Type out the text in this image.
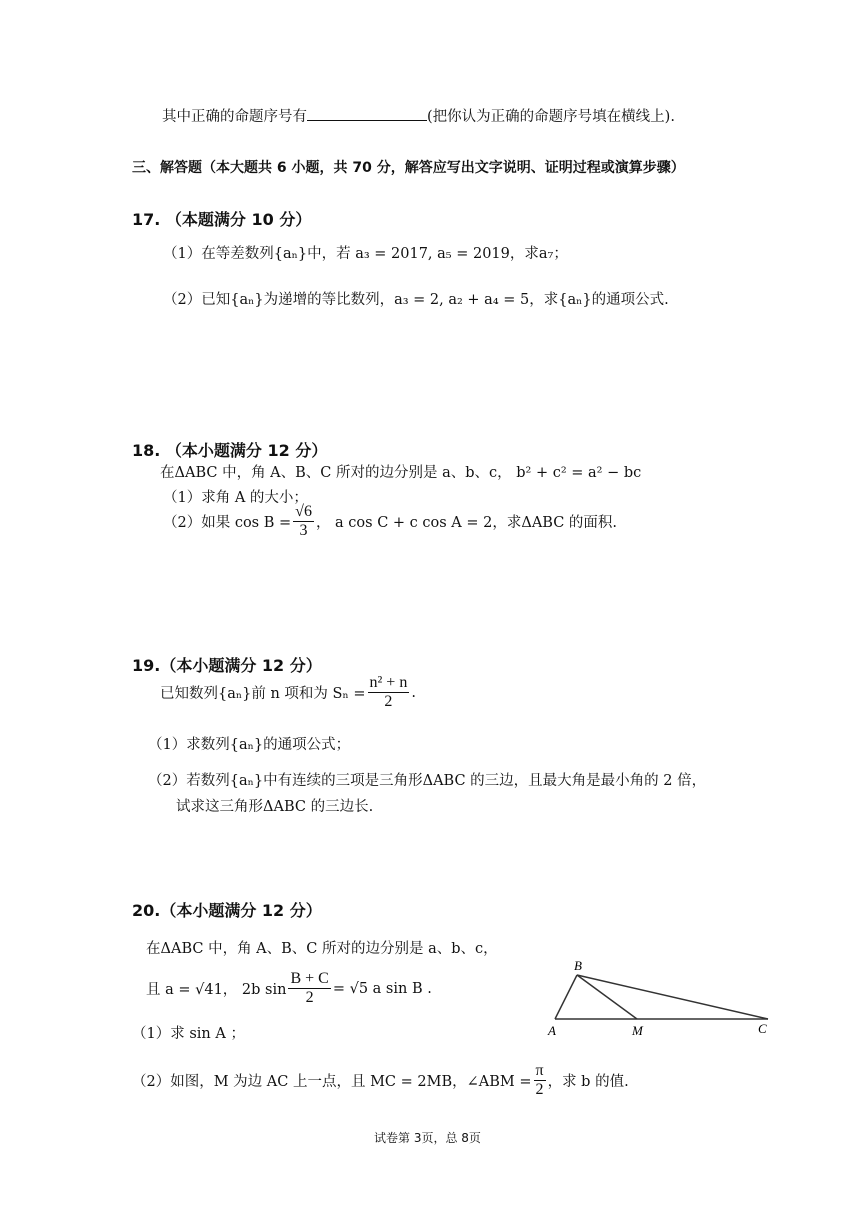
其中正确的命题序号有	(把你认为正确的命题序号填在横线上).
三、解答题（本大题共 6 小题，共 70 分，解答应写出文字说明、证明过程或演算步骤）
17. （本题满分 10 分）
（1）在等差数列{aₙ}中，若 a₃ = 2017, a₅ = 2019，求a₇；
（2）已知{aₙ}为递增的等比数列，a₃ = 2, a₂ + a₄ = 5，求{aₙ}的通项公式.
18. （本小题满分 12 分）
在ΔABC 中，角 A、B、C 所对的边分别是 a、b、c， b² + c² = a² − bc
（1）求角 A 的大小；
（2）如果 $\cos B = \frac{√6}{3}$ ， a cos C + c cos A = 2，求ΔABC 的面积.
19.（本小题满分 12 分）
已知数列{aₙ}前 n 项和为 $S_n = \frac{\text{n² + n}}{2}$ .
（1）求数列{aₙ}的通项公式；
（2）若数列{aₙ}中有连续的三项是三角形ΔABC 的三边，且最大角是最小角的 2 倍，
试求这三角形ΔABC 的三边长.
20.（本小题满分 12 分）
在ΔABC 中，角 A、B、C 所对的边分别是 a、b、c，
且 a = √41， 2b $\sin \frac{B + C}{2} = √5$ a sin B .
（1）求 sin A ；
（2）如图，M 为边 AC 上一点，且 MC = 2MB，∠ABM = $\frac{\pi}{2}$ ，求 b 的值.
B
A	M	C
试卷第 3页，总 8页
